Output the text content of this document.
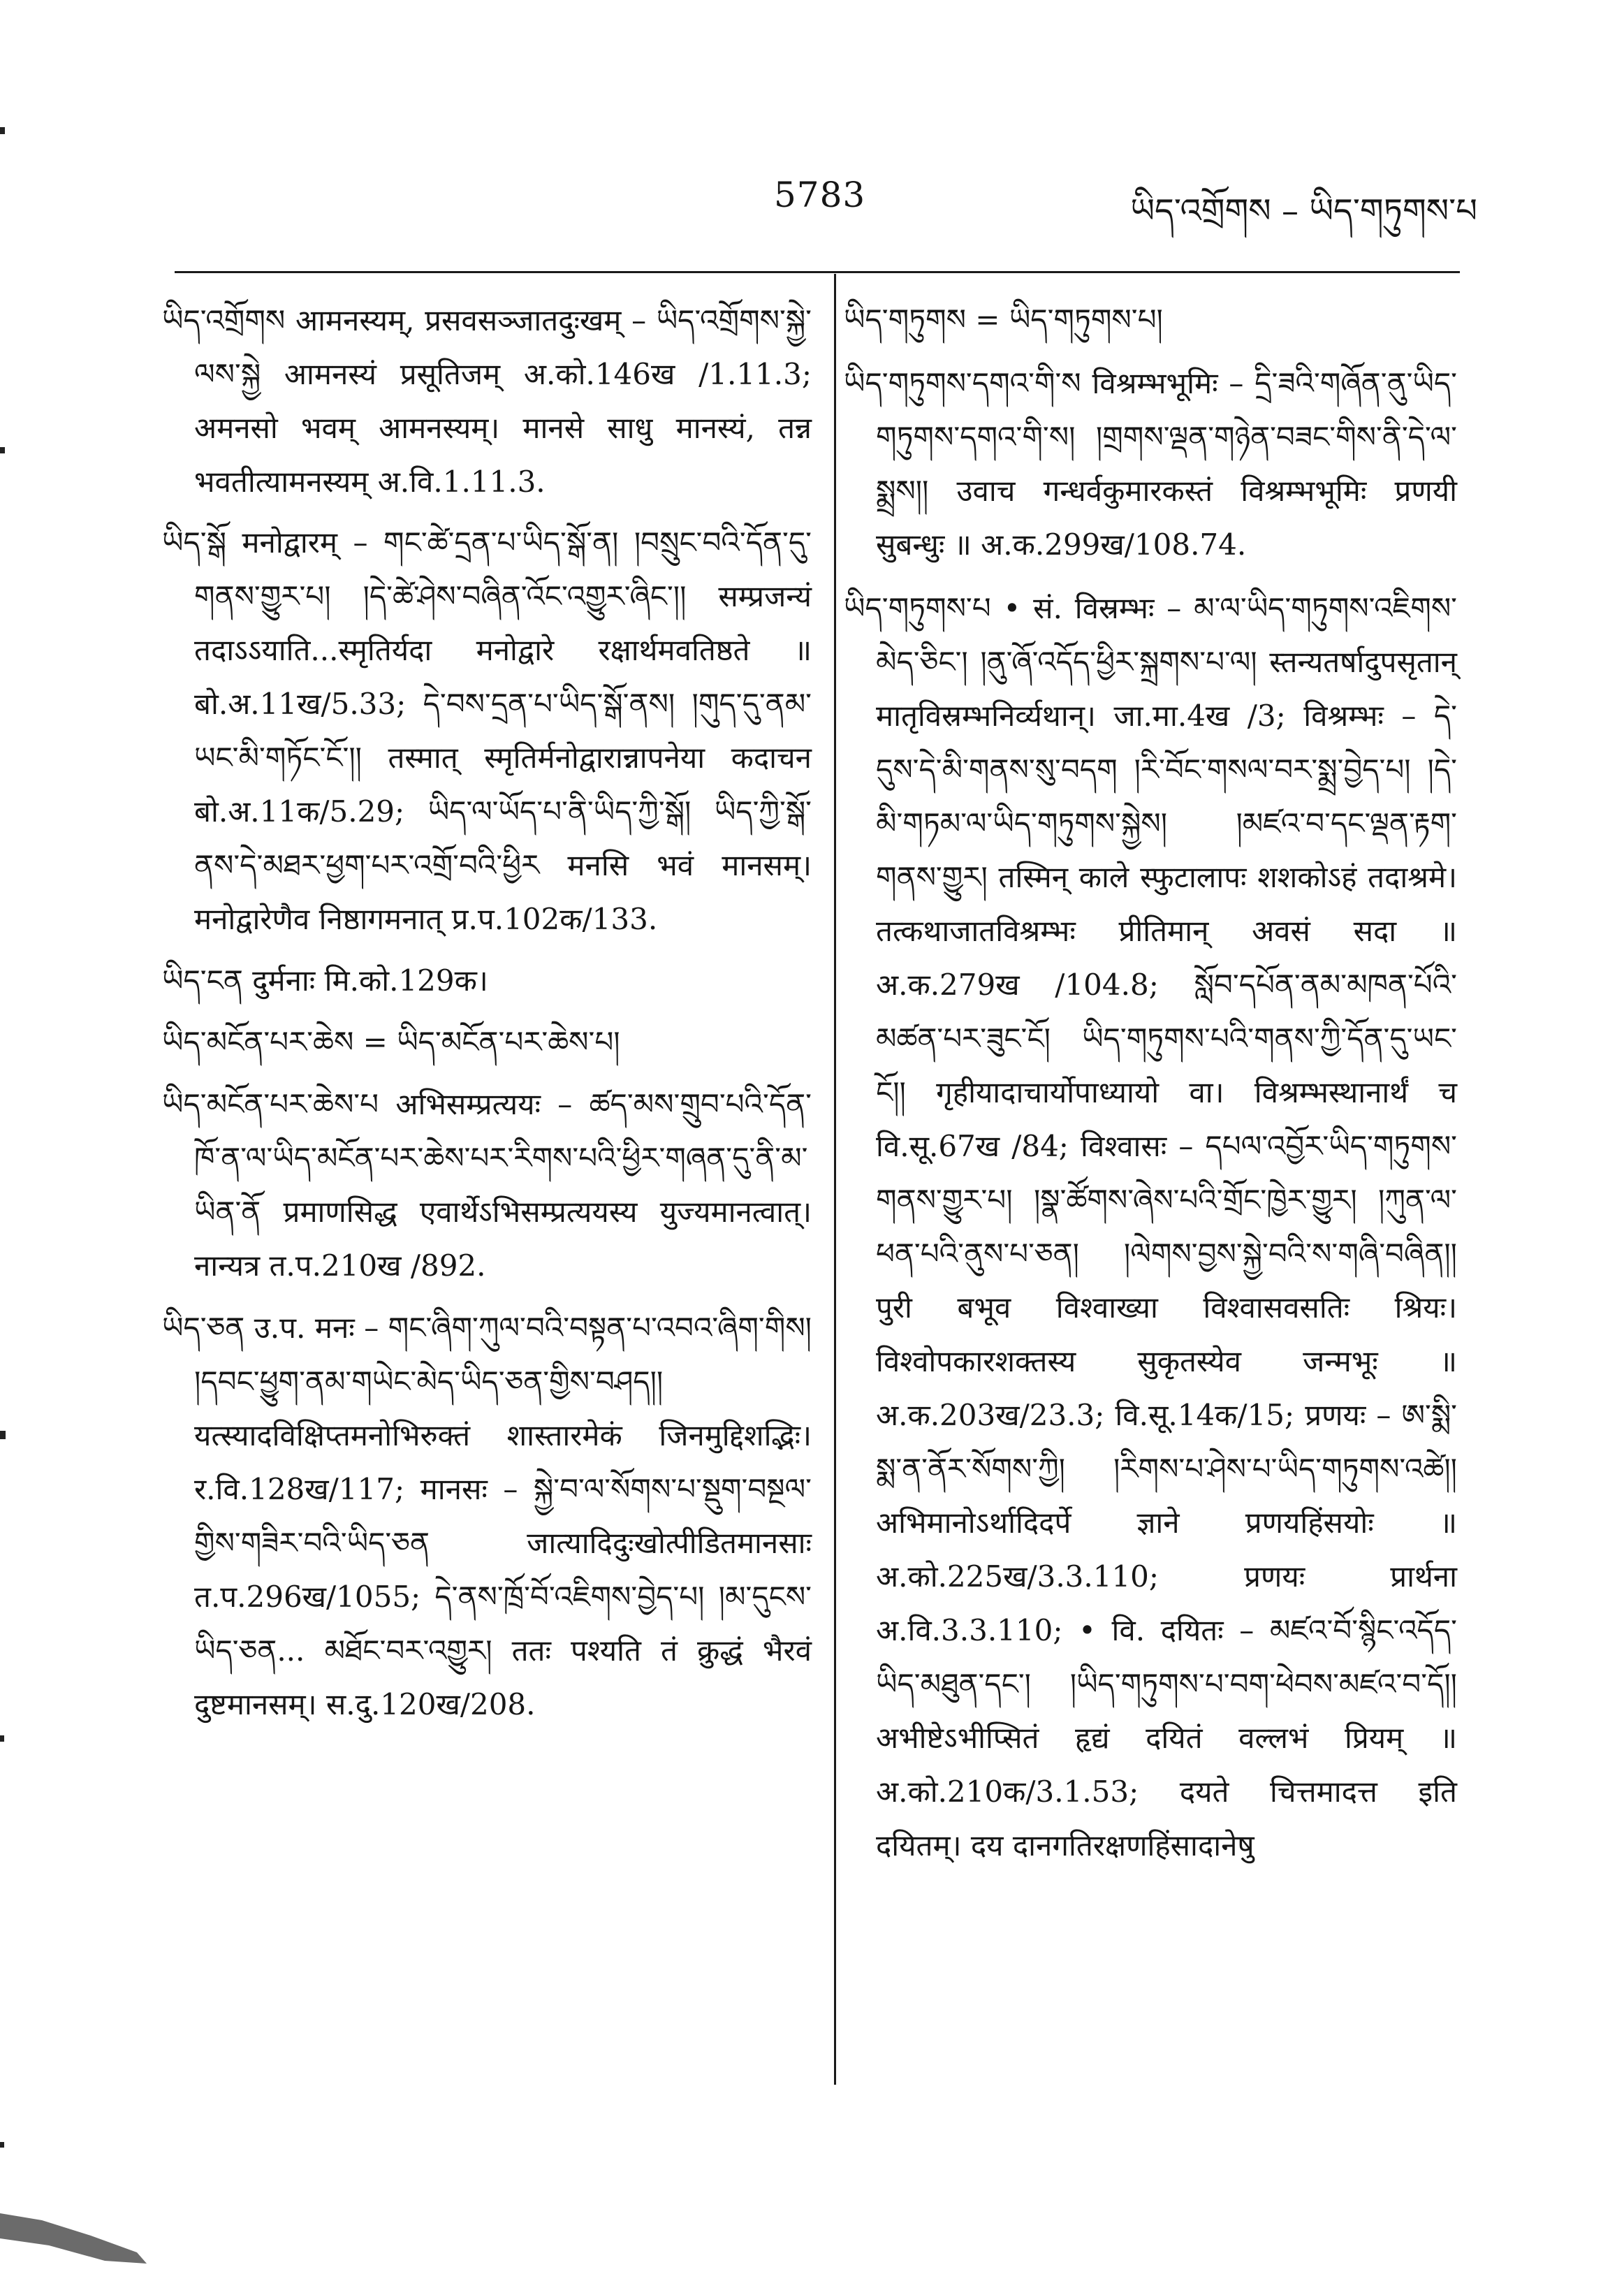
5783	ཡིད་འགྲོགས – ཡིད་གཏུགས་པ

ཡིད་འགྲོགས आमनस्यम्, प्रसवसञ्जातदुःखम् – ཡིད་འགྲོགས་སྐྱེ་ལས་སྐྱེ आमनस्यं प्रसूतिजम् अ.को.146ख /1.11.3; अमनसो भवम् आमनस्यम्। मानसे साधु मानस्यं, तन्न भवतीत्यामनस्यम् अ.वि.1.11.3.

ཡིད་སྒོ मनोद्वारम् – གང་ཚེ་དྲན་པ་ཡིད་སྒོ་ན། །བསྲུང་བའི་དོན་དུ་གནས་གྱུར་པ། །དེ་ཚེ་ཤེས་བཞིན་འོང་འགྱུར་ཞིང་།། सम्प्रजन्यं तदाऽऽयाति...स्मृतिर्यदा मनोद्वारे रक्षार्थमवतिष्ठते ॥ बो.अ.11ख/5.33; དེ་བས་དྲན་པ་ཡིད་སྒོ་ནས། །གུད་དུ་ནམ་ཡང་མི་གཏོང་ངོ་།། तस्मात् स्मृतिर्मनोद्वारान्नापनेया कदाचन बो.अ.11क/5.29; ཡིད་ལ་ཡོད་པ་ནི་ཡིད་ཀྱི་སྒོ། ཡིད་ཀྱི་སྒོ་ནས་དེ་མཐར་ཕྱག་པར་འགྲོ་བའི་ཕྱིར मनसि भवं मानसम्। मनोद्वारेणैव निष्ठागमनात् प्र.प.102क/133.

ཡིད་ངན दुर्मनाः मि.को.129क।

ཡིད་མངོན་པར་ཆེས = ཡིད་མངོན་པར་ཆེས་པ།

ཡིད་མངོན་པར་ཆེས་པ अभिसम्प्रत्ययः – ཚད་མས་གྲུབ་པའི་དོན་ཁོ་ན་ལ་ཡིད་མངོན་པར་ཆེས་པར་རིགས་པའི་ཕྱིར་གཞན་དུ་ནི་མ་ཡིན་ནོ प्रमाणसिद्ध एवार्थेऽभिसम्प्रत्ययस्य युज्यमानत्वात्। नान्यत्र त.प.210ख /892.

ཡིད་ཅན उ.प. मनः – གང་ཞིག་ཀུལ་བའི་བསྟན་པ་འབའ་ཞིག་གིས། །དབང་ཕྱུག་ནམ་གཡེང་མེད་ཡིད་ཅན་གྱིས་བཤད།། यत्स्यादविक्षिप्तमनोभिरुक्तं शास्तारमेकं जिनमुद्दिशद्भिः। र.वि.128ख/117; मानसः – སྐྱེ་བ་ལ་སོགས་པ་སྡུག་བསྔལ་གྱིས་གཟིར་བའི་ཡིད་ཅན जात्यादिदुःखोत्पीडितमानसाः त.प.296ख/1055; དེ་ནས་ཁྲོ་བོ་འཇིགས་བྱེད་པ། །མ་དུངས་ཡིད་ཅན... མཐོང་བར་འགྱུར། ततः पश्यति तं क्रुद्धं भैरवं दुष्टमानसम्। स.दु.120ख/208.

ཡིད་གཏུགས = ཡིད་གཏུགས་པ།

ཡིད་གཏུགས་དགའ་གི་ས विश्रम्भभूमिः – དྲི་ཟའི་གཞོན་ནུ་ཡིད་གཏུགས་དགའ་གི་ས། །གྲགས་ལྡན་གཉེན་བཟང་གིས་ནི་དེ་ལ་སྨྲས།། उवाच गन्धर्वकुमारकस्तं विश्रम्भभूमिः प्रणयी सुबन्धुः ॥ अ.क.299ख/108.74.

ཡིད་གཏུགས་པ • सं. विस्रम्भः – མ་ལ་ཡིད་གཏུགས་འཇིགས་མེད་ཅིང་། །ནུ་ཞོ་འདོད་ཕྱིར་སྐྲགས་པ་ལ། स्तन्यतर्षादुपसृतान् मातृविस्रम्भनिर्व्यथान्। जा.मा.4ख /3; विश्रम्भः – དེ་དུས་དེ་མི་གནས་སུ་བདག །རི་བོང་གསལ་བར་སྨྲ་བྱེད་པ། །དེ་མི་གཏམ་ལ་ཡིད་གཏུགས་སྐྱེས། །མཛའ་བ་དང་ལྡན་རྟག་གནས་གྱུར། तस्मिन् काले स्फुटालापः शशकोऽहं तदाश्रमे। तत्कथाजातविश्रम्भः प्रीतिमान् अवसं सदा ॥ अ.क.279ख /104.8; སློབ་དཔོན་ནམ་མཁན་པོའི་མཚན་པར་ཟུང་ངོ། ཡིད་གཏུགས་པའི་གནས་ཀྱི་དོན་དུ་ཡང་ངོ།། गृहीयादाचार्योपाध्यायो वा। विश्रम्भस्थानार्थं च वि.सू.67ख /84; विश्वासः – དཔལ་འབྱོར་ཡིད་གཏུགས་གནས་གྱུར་པ། །སྣ་ཚོགས་ཞེས་པའི་གྲོང་ཁྱེར་གྱུར། །ཀུན་ལ་ཕན་པའི་ནུས་པ་ཅན། །ལེགས་བྱས་སྐྱེ་བའི་ས་གཞི་བཞིན།། पुरी बभूव विश्वाख्या विश्वासवसतिः श्रियः। विश्वोपकारशक्तस्य सुकृतस्येव जन्मभूः ॥ अ.क.203ख/23.3; वि.सू.14क/15; प्रणयः – ཨ་སྨི་སྨ་ན་ནོར་སོགས་ཀྱི། །རིགས་པ་ཤེས་པ་ཡིད་གཏུགས་འཚེ།། अभिमानोऽर्थादिदर्पे ज्ञाने प्रणयहिंसयोः ॥ अ.को.225ख/3.3.110; प्रणयः प्रार्थना अ.वि.3.3.110; • वि. दयितः – མཛའ་བོ་སྙིང་འདོད་ཡིད་མཐུན་དང་། །ཡིད་གཏུགས་པ་བག་ཕེབས་མཛའ་བ་དོ།། अभीष्टेऽभीप्सितं हृद्यं दयितं वल्लभं प्रियम् ॥ अ.को.210क/3.1.53; दयते चित्तमादत्त इति दयितम्। दय दानगतिरक्षणहिंसादानेषु
